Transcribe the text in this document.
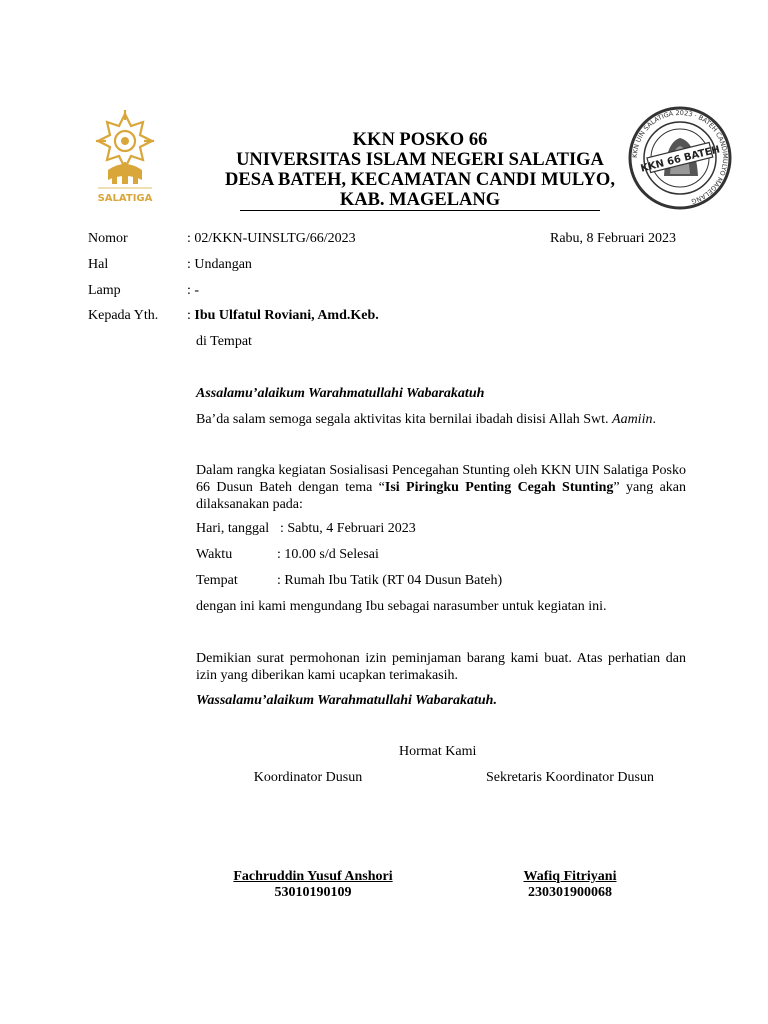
SALATIGA
KKN 66 BATEH
KKN UIN SALATIGA 2023 · BATEH CANDIMULYO MAGELANG
KKN POSKO 66
UNIVERSITAS ISLAM NEGERI SALATIGA
DESA BATEH, KECAMATAN CANDI MULYO,
KAB. MAGELANG
Nomor	: 02/KKN-UINSLTG/66/2023	Rabu, 8 Februari 2023
Hal	: Undangan
Lamp	: -
Kepada Yth. : Ibu Ulfatul Roviani, Amd.Keb.
di Tempat
Assalamu’alaikum Warahmatullahi Wabarakatuh
Ba’da salam semoga segala aktivitas kita bernilai ibadah disisi Allah Swt. Aamiin.
Dalam rangka kegiatan Sosialisasi Pencegahan Stunting oleh KKN UIN Salatiga Posko 66 Dusun Bateh dengan tema “Isi Piringku Penting Cegah Stunting” yang akan dilaksanakan pada:
Hari, tanggal : Sabtu, 4 Februari 2023
Waktu	: 10.00 s/d Selesai
Tempat	: Rumah Ibu Tatik (RT 04 Dusun Bateh)
dengan ini kami mengundang Ibu sebagai narasumber untuk kegiatan ini.
Demikian surat permohonan izin peminjaman barang kami buat. Atas perhatian dan izin yang diberikan kami ucapkan terimakasih.
Wassalamu’alaikum Warahmatullahi Wabarakatuh.
Hormat Kami
Koordinator Dusun	Sekretaris Koordinator Dusun
Fachruddin Yusuf Anshori
53010190109
Wafiq Fitriyani
230301900068
